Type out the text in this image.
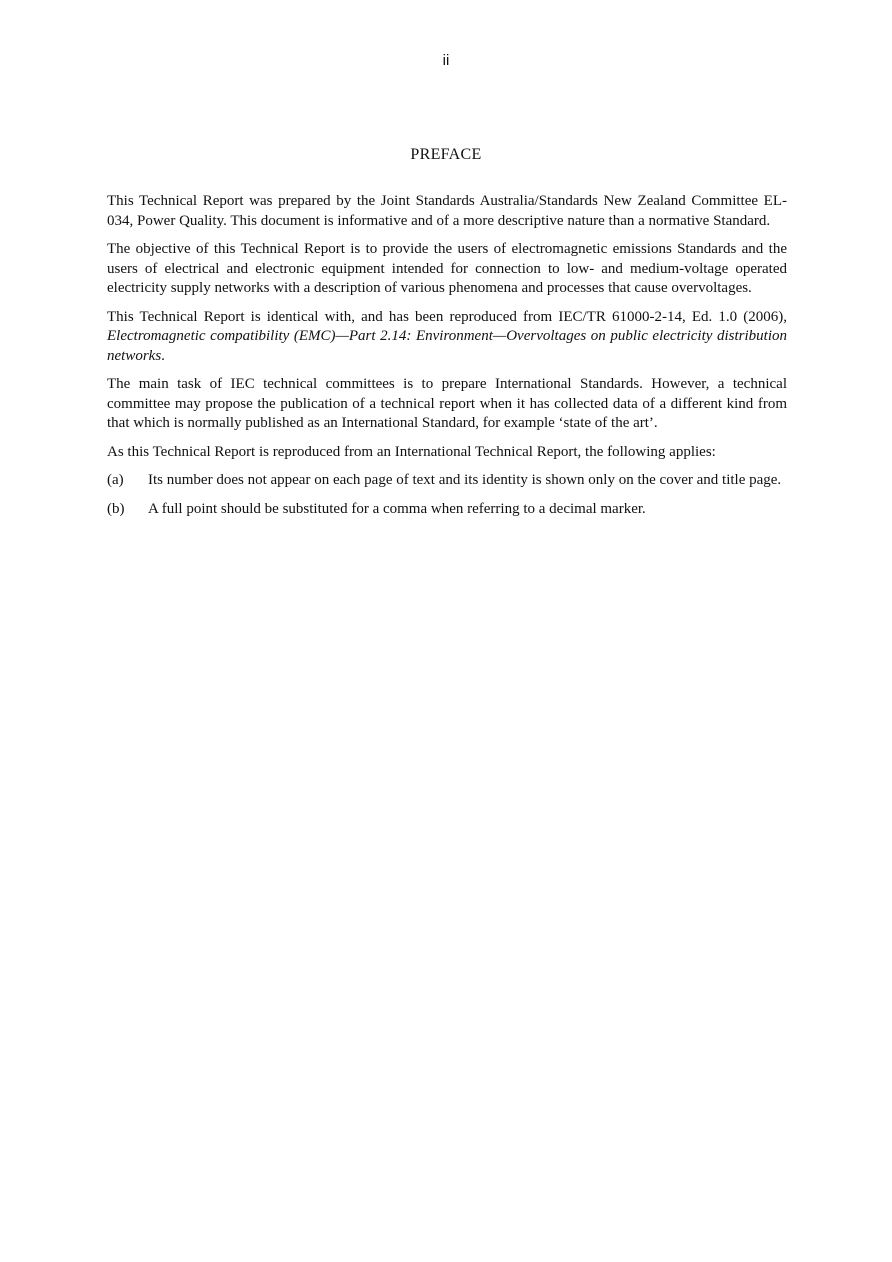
ii
PREFACE

This Technical Report was prepared by the Joint Standards Australia/Standards New Zealand Committee EL-034, Power Quality. This document is informative and of a more descriptive nature than a normative Standard.

The objective of this Technical Report is to provide the users of electromagnetic emissions Standards and the users of electrical and electronic equipment intended for connection to low- and medium-voltage operated electricity supply networks with a description of various phenomena and processes that cause overvoltages.

This Technical Report is identical with, and has been reproduced from IEC/TR 61000-2-14, Ed. 1.0 (2006), Electromagnetic compatibility (EMC)—Part 2.14: Environment—Overvoltages on public electricity distribution networks.

The main task of IEC technical committees is to prepare International Standards. However, a technical committee may propose the publication of a technical report when it has collected data of a different kind from that which is normally published as an International Standard, for example ‘state of the art’.

As this Technical Report is reproduced from an International Technical Report, the following applies:

(a)	Its number does not appear on each page of text and its identity is shown only on the cover and title page.
(b)	A full point should be substituted for a comma when referring to a decimal marker.
